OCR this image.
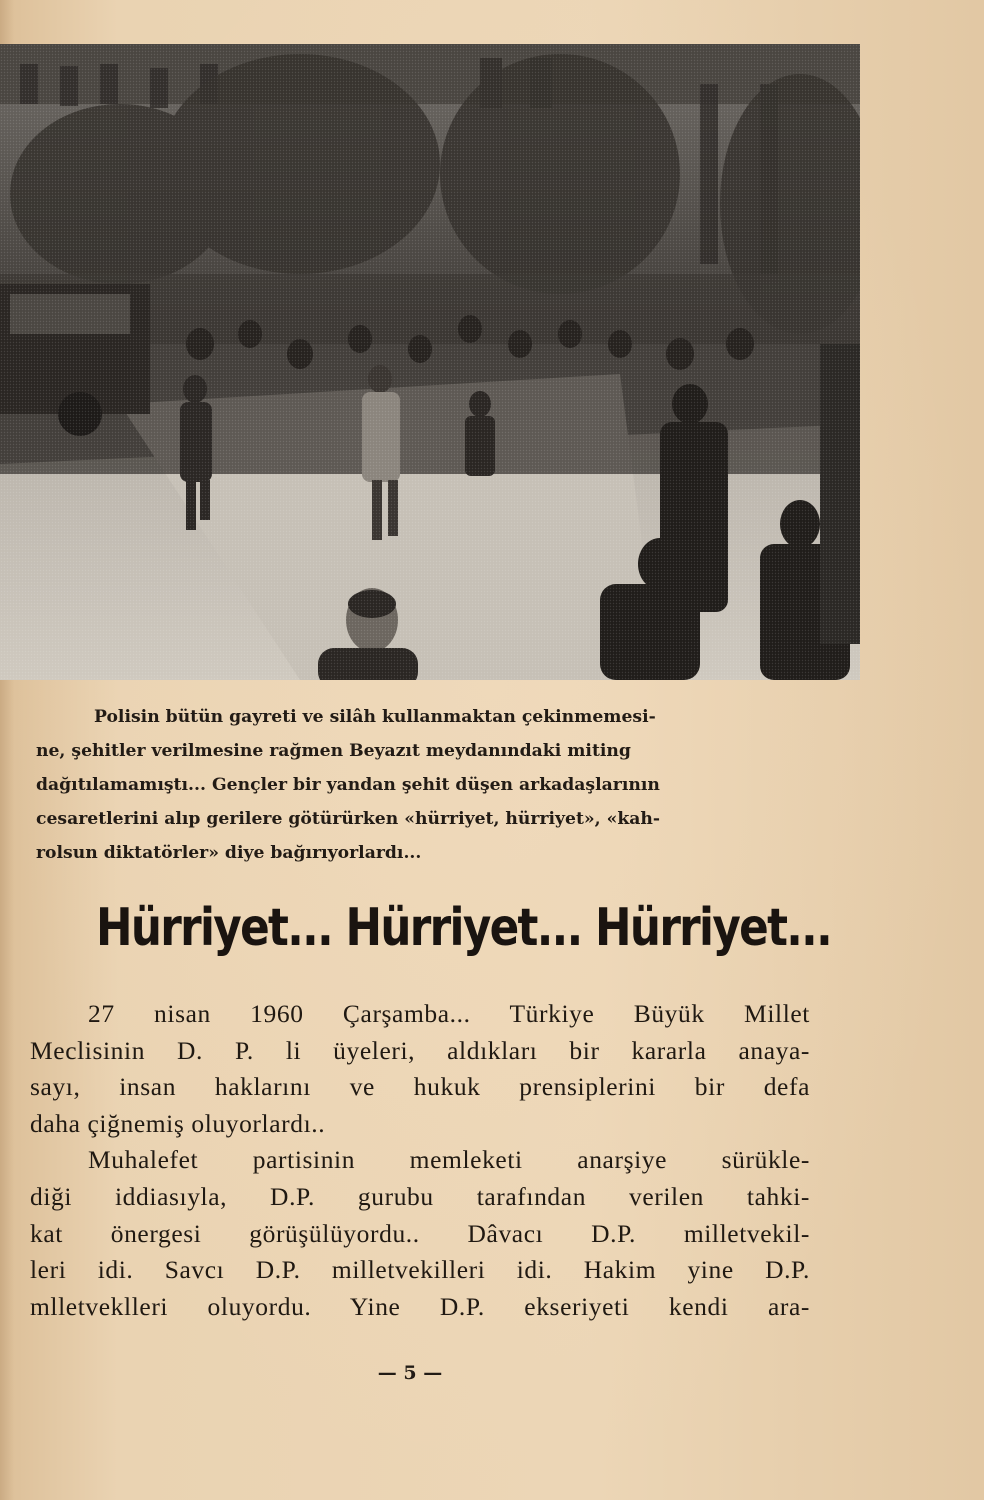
Polisin bütün gayreti ve silâh kullanmaktan çekinmemesi-
ne, şehitler verilmesine rağmen Beyazıt meydanındaki miting
dağıtılamamıştı... Gençler bir yandan şehit düşen arkadaşlarının
cesaretlerini alıp gerilere götürürken «hürriyet, hürriyet», «kah-
rolsun diktatörler» diye bağırıyorlardı...
Hürriyet... Hürriyet... Hürriyet...
27 nisan 1960 Çarşamba... Türkiye Büyük Millet
Meclisinin D. P. li üyeleri, aldıkları bir kararla anaya-
sayı, insan haklarını ve hukuk prensiplerini bir defa
daha çiğnemiş oluyorlardı..
Muhalefet partisinin memleketi anarşiye sürükle-
diği iddiasıyla, D.P. gurubu tarafından verilen tahki-
kat önergesi görüşülüyordu.. Dâvacı D.P. milletvekil-
leri idi. Savcı D.P. milletvekilleri idi. Hakim yine D.P.
mlletveklleri oluyordu. Yine D.P. ekseriyeti kendi ara-
— 5 —
